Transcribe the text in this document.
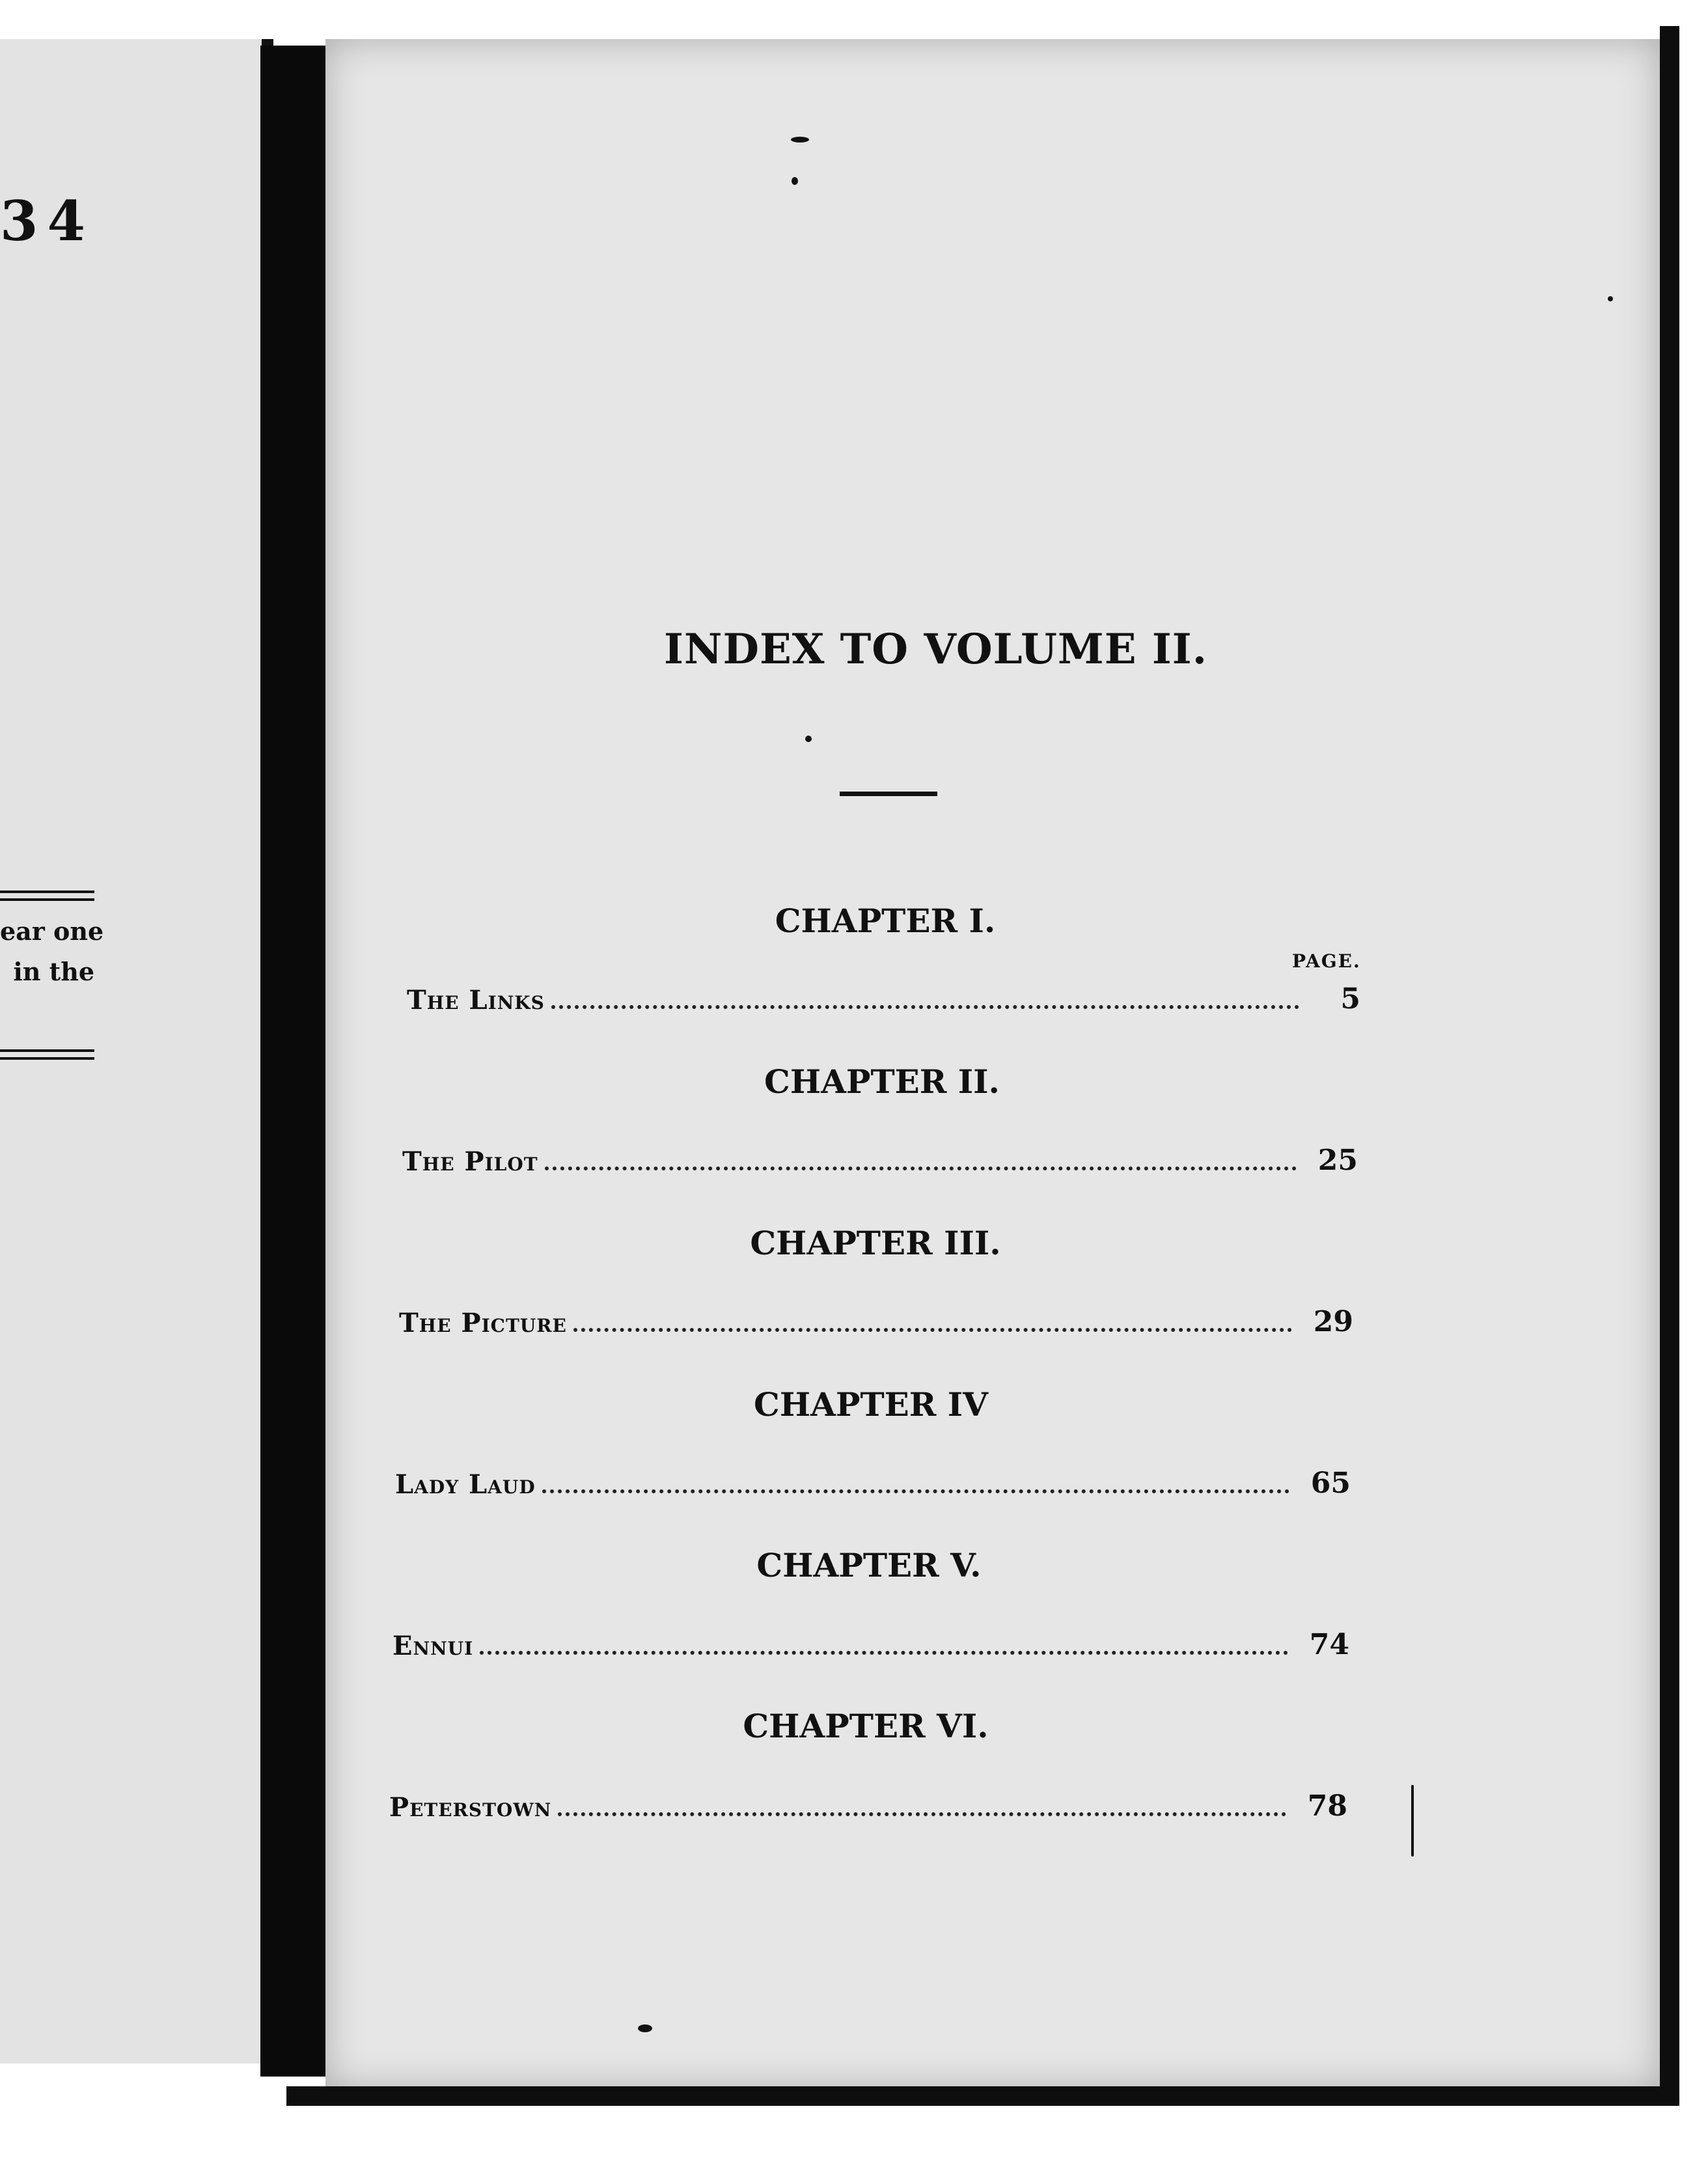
34
ear one
in the
INDEX TO VOLUME II.
CHAPTER I.
PAGE.
The Links	5
CHAPTER II.
The Pilot	25
CHAPTER III.
The Picture	29
CHAPTER IV
Lady Laud	65
CHAPTER V.
Ennui	74
CHAPTER VI.
Peterstown	78
